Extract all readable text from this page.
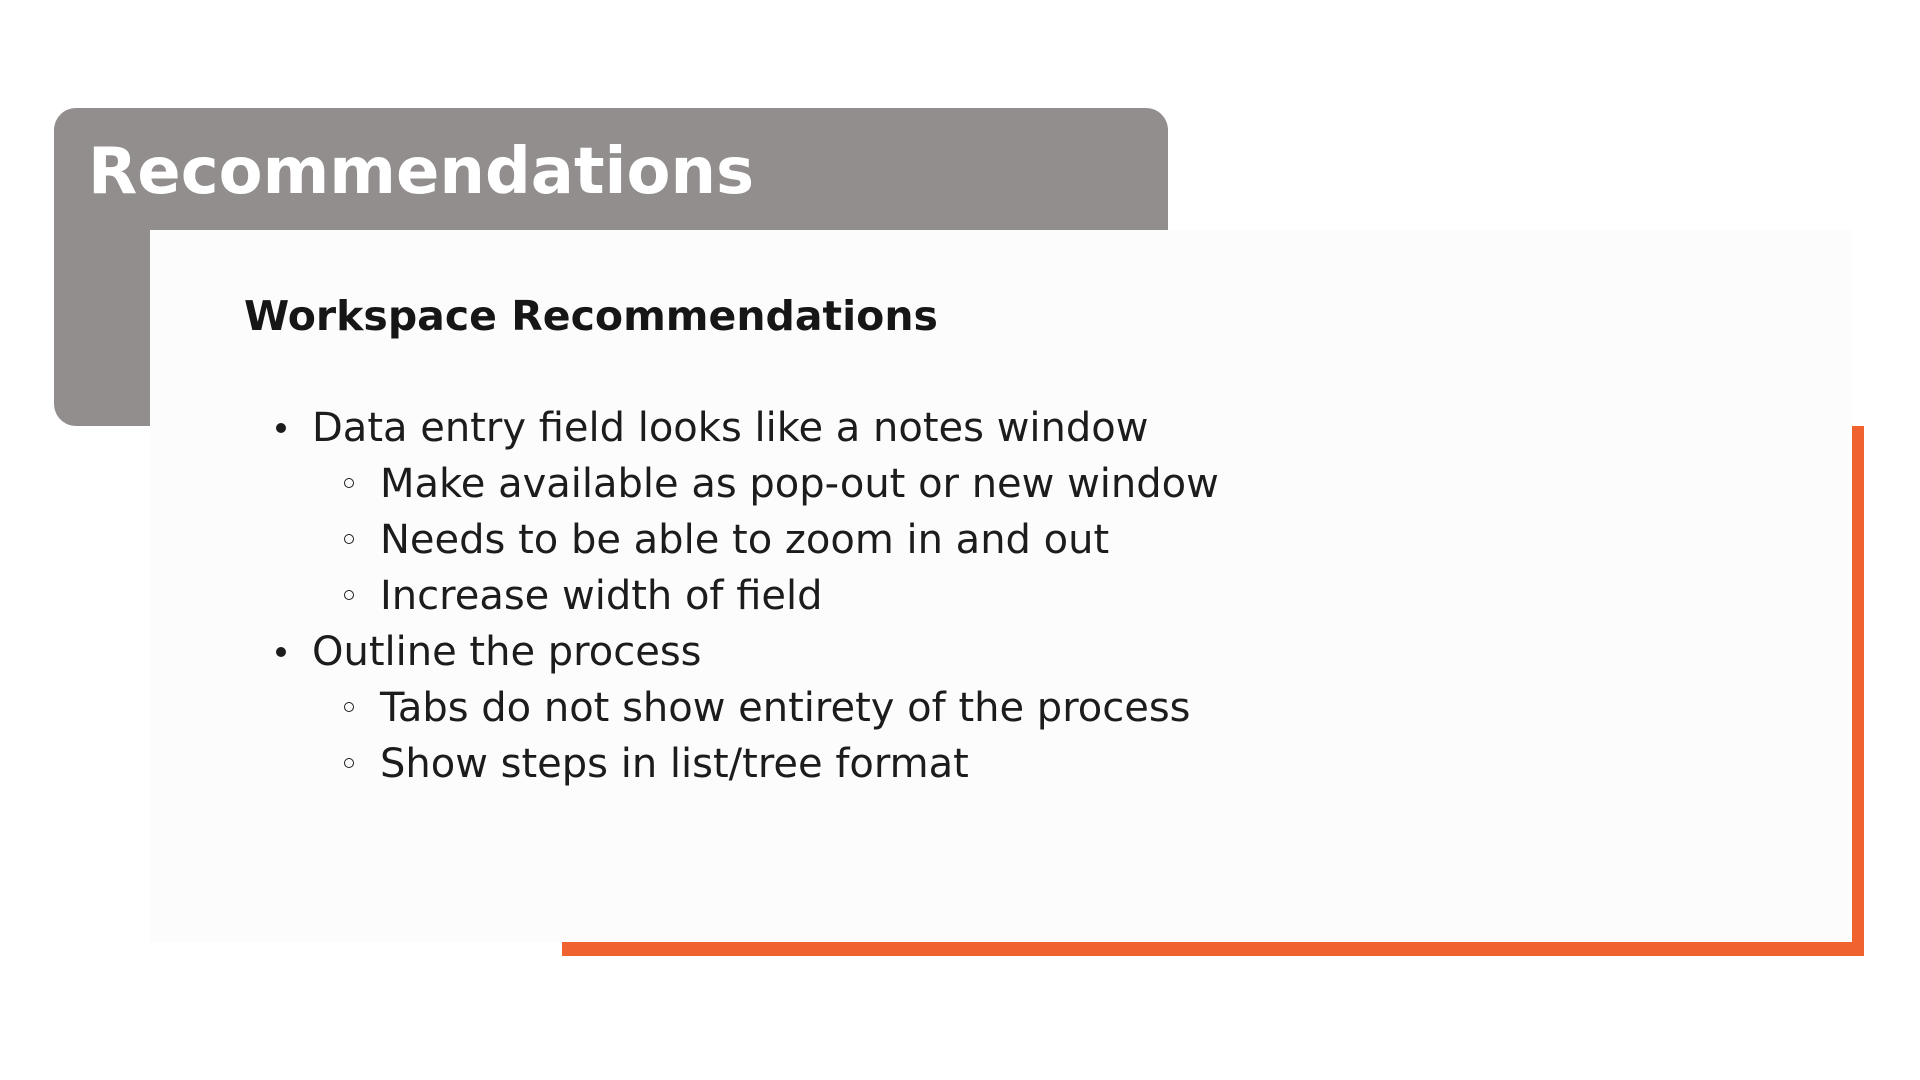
Recommendations
Workspace Recommendations
Data entry field looks like a notes window
Make available as pop-out or new window
Needs to be able to zoom in and out
Increase width of field
Outline the process
Tabs do not show entirety of the process
Show steps in list/tree format
